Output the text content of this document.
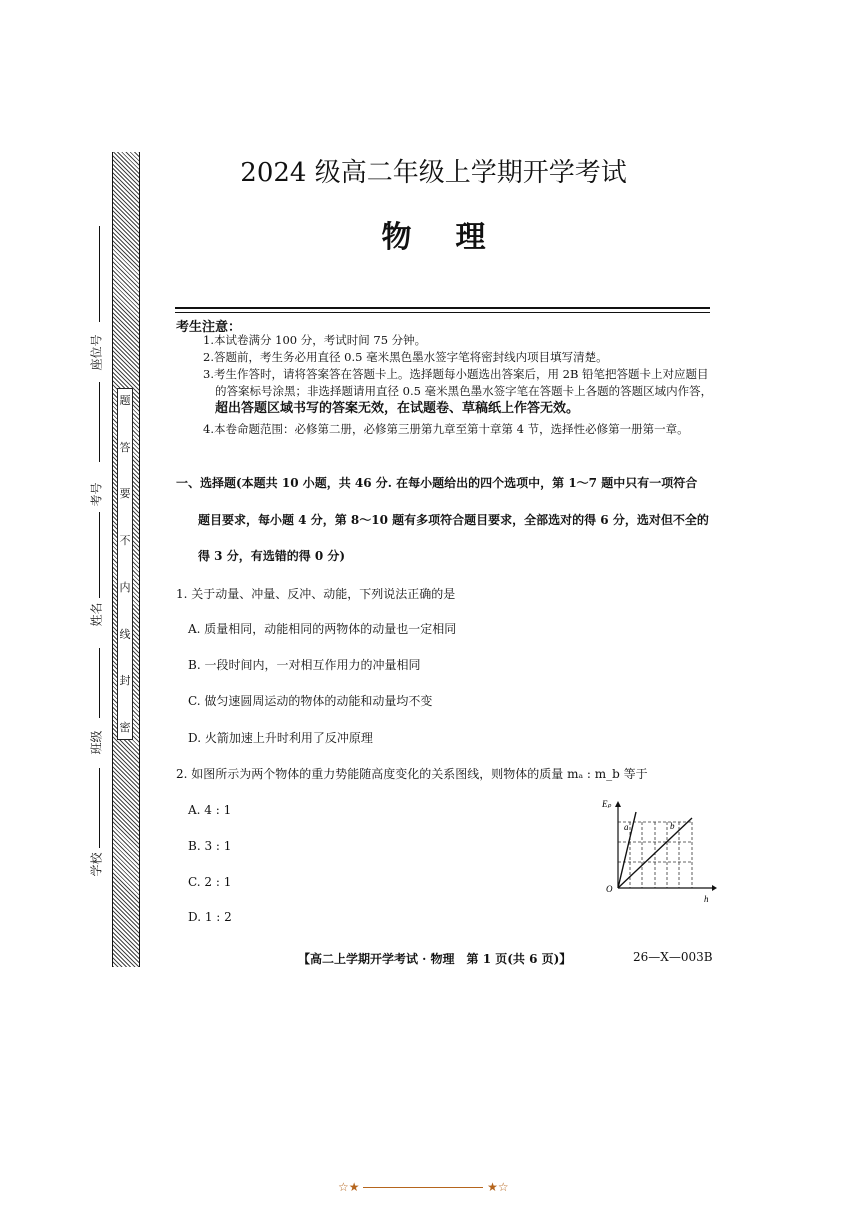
题
答
要
不
内
线
封
密
座位号
考号
姓名
班级
学校
2024 级高二年级上学期开学考试
物理
考生注意：
1.本试卷满分 100 分，考试时间 75 分钟。
2.答题前，考生务必用直径 0.5 毫米黑色墨水签字笔将密封线内项目填写清楚。
3.考生作答时，请将答案答在答题卡上。选择题每小题选出答案后，用 2B 铅笔把答题卡上对应题目的答案标号涂黑；非选择题请用直径 0.5 毫米黑色墨水签字笔在答题卡上各题的答题区域内作答，超出答题区域书写的答案无效，在试题卷、草稿纸上作答无效。
4.本卷命题范围：必修第二册，必修第三册第九章至第十章第 4 节，选择性必修第一册第一章。
一、选择题(本题共 10 小题，共 46 分. 在每小题给出的四个选项中，第 1～7 题中只有一项符合
题目要求，每小题 4 分，第 8～10 题有多项符合题目要求，全部选对的得 6 分，选对但不全的
得 3 分，有选错的得 0 分)
1. 关于动量、冲量、反冲、动能，下列说法正确的是
A. 质量相同，动能相同的两物体的动量也一定相同
B. 一段时间内，一对相互作用力的冲量相同
C. 做匀速圆周运动的物体的动能和动量均不变
D. 火箭加速上升时利用了反冲原理
2. 如图所示为两个物体的重力势能随高度变化的关系图线，则物体的质量 mₐ : m_b 等于
A. 4 : 1
B. 3 : 1
C. 2 : 1
D. 1 : 2
Eₚ
h
O
a	b
【高二上学期开学考试 · 物理　第 1 页(共 6 页)】	26—X—003B
☆★	★☆
